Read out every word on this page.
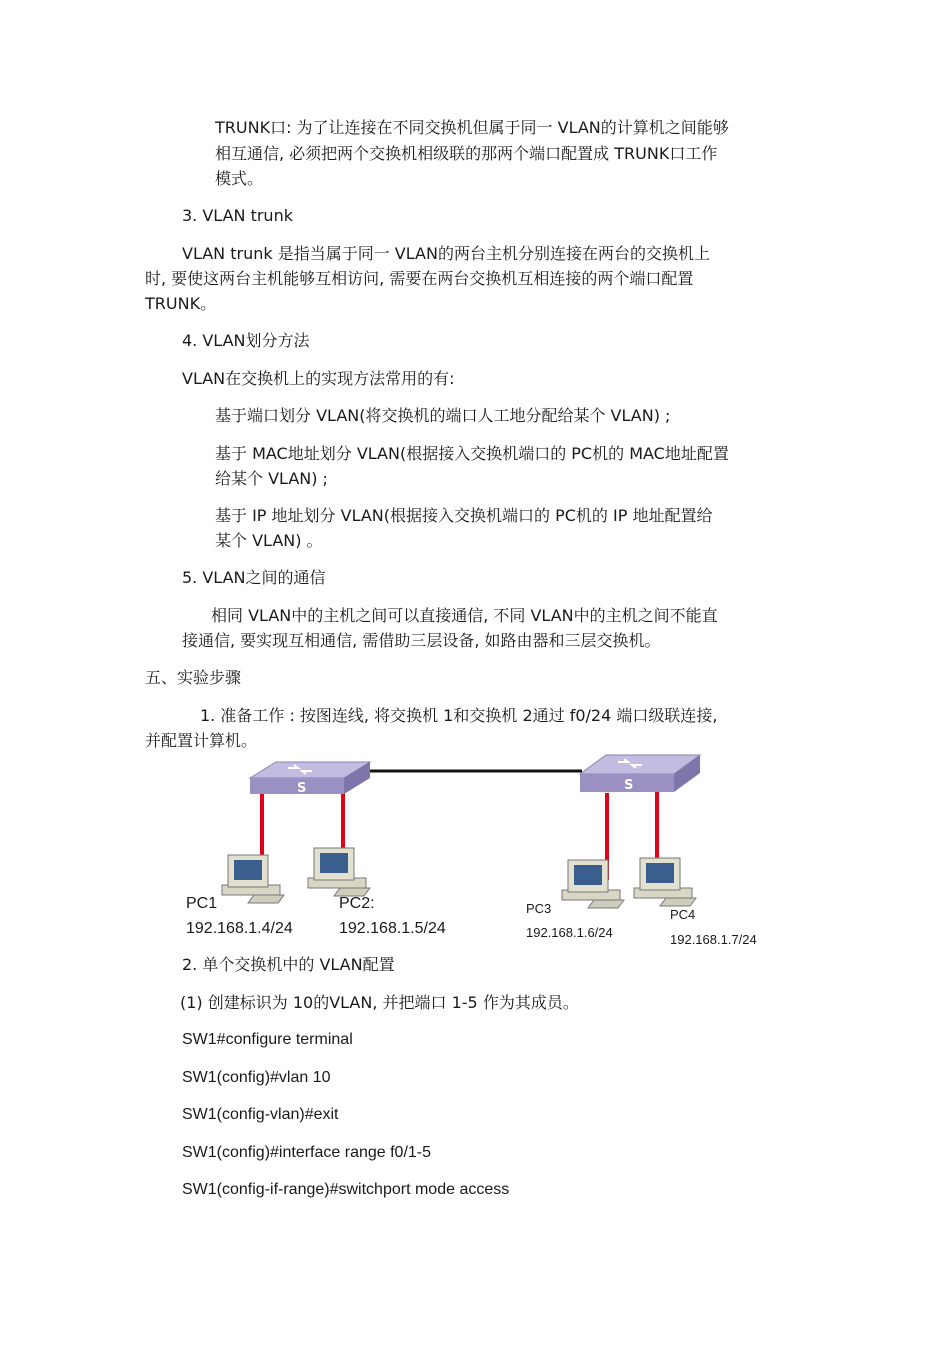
TRUNK口: 为了让连接在不同交换机但属于同一 VLAN的计算机之间能够
相互通信, 必须把两个交换机相级联的那两个端口配置成 TRUNK口工作
模式。
3. VLAN trunk
VLAN trunk 是指当属于同一 VLAN的两台主机分别连接在两台的交换机上
时, 要使这两台主机能够互相访问, 需要在两台交换机互相连接的两个端口配置
TRUNK。
4. VLAN划分方法
VLAN在交换机上的实现方法常用的有:
基于端口划分 VLAN(将交换机的端口人工地分配给某个 VLAN) ;
基于 MAC地址划分 VLAN(根据接入交换机端口的 PC机的 MAC地址配置
给某个 VLAN) ;
基于 IP 地址划分 VLAN(根据接入交换机端口的 PC机的 IP 地址配置给
某个 VLAN) 。
5. VLAN之间的通信
相同 VLAN中的主机之间可以直接通信, 不同 VLAN中的主机之间不能直
接通信, 要实现互相通信, 需借助三层设备, 如路由器和三层交换机。
五、实验步骤
1. 准备工作 : 按图连线, 将交换机 1和交换机 2通过 f0/24 端口级联连接,
并配置计算机。
S	S
PC1
192.168.1.4/24
PC2:
192.168.1.5/24
PC3
192.168.1.6/24
PC4
192.168.1.7/24
2. 单个交换机中的 VLAN配置
(1) 创建标识为 10的VLAN, 并把端口 1-5 作为其成员。
SW1#configure terminal
SW1(config)#vlan 10
SW1(config-vlan)#exit
SW1(config)#interface range f0/1-5
SW1(config-if-range)#switchport mode access
